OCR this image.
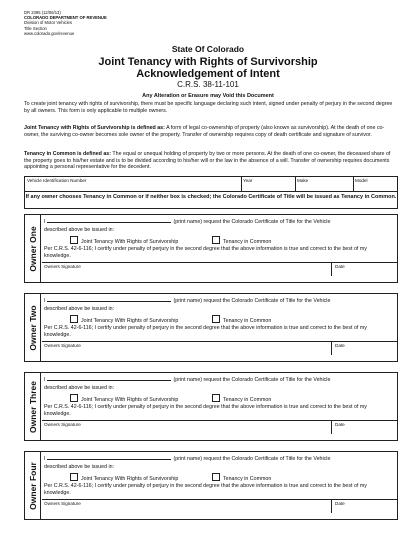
DR 2395 (12/06/13)
COLORADO DEPARTMENT OF REVENUE
Division of Motor Vehicles
Title Section
www.colorado.gov/revenue
State Of Colorado
Joint Tenancy with Rights of Survivorship
Acknowledgement of Intent
C.R.S. 38-11-101
Any Alteration or Erasure may Void this Document
To create joint tenancy with rights of survivorship, there must be specific language declaring such intent, signed under penalty of perjury in the second degree by all owners. This form is only applicable to multiple owners.
Joint Tenancy with Rights of Survivorship is defined as: A form of legal co-ownership of property (also known as survivorship). At the death of one co-owner, the surviving co-owner becomes sole owner of the property. Transfer of ownership requires copy of death certificate and signature of survivor.
Tenancy in Common is defined as: The equal or unequal holding of property by two or more persons. At the death of one co-owner, the deceased share of the property goes to his/her estate and is to be divided according to his/her will or the law in the absence of a will. Transfer of ownership requires documents appointing a personal representative for the decedent.
Vehicle Identification Number	Year	Make	Model
If any owner chooses Tenancy in Common or if neither box is checked; the Colorado Certificate of Title will be issued as Tenancy in Common.
Owner One
I	(print name) request the Colorado Certificate of Title for the Vehicle
described above be issued in:
Joint Tenancy With Rights of Survivorship	Tenancy in Common
Per C.R.S. 42-6-116; I certify under penalty of perjury in the second degree that the above information is true and correct to the best of my knowledge.
Owners Signature	Date
Owner Two
I	(print name) request the Colorado Certificate of Title for the Vehicle
described above be issued in:
Joint Tenancy With Rights of Survivorship	Tenancy in Common
Per C.R.S. 42-6-116; I certify under penalty of perjury in the second degree that the above information is true and correct to the best of my knowledge.
Owners Signature	Date
Owner Three
I	(print name) request the Colorado Certificate of Title for the Vehicle
described above be issued in:
Joint Tenancy With Rights of Survivorship	Tenancy in Common
Per C.R.S. 42-6-116; I certify under penalty of perjury in the second degree that the above information is true and correct to the best of my knowledge.
Owners Signature	Date
Owner Four
I	(print name) request the Colorado Certificate of Title for the Vehicle
described above be issued in:
Joint Tenancy With Rights of Survivorship	Tenancy in Common
Per C.R.S. 42-6-116; I certify under penalty of perjury in the second degree that the above information is true and correct to the best of my knowledge.
Owners Signature	Date
